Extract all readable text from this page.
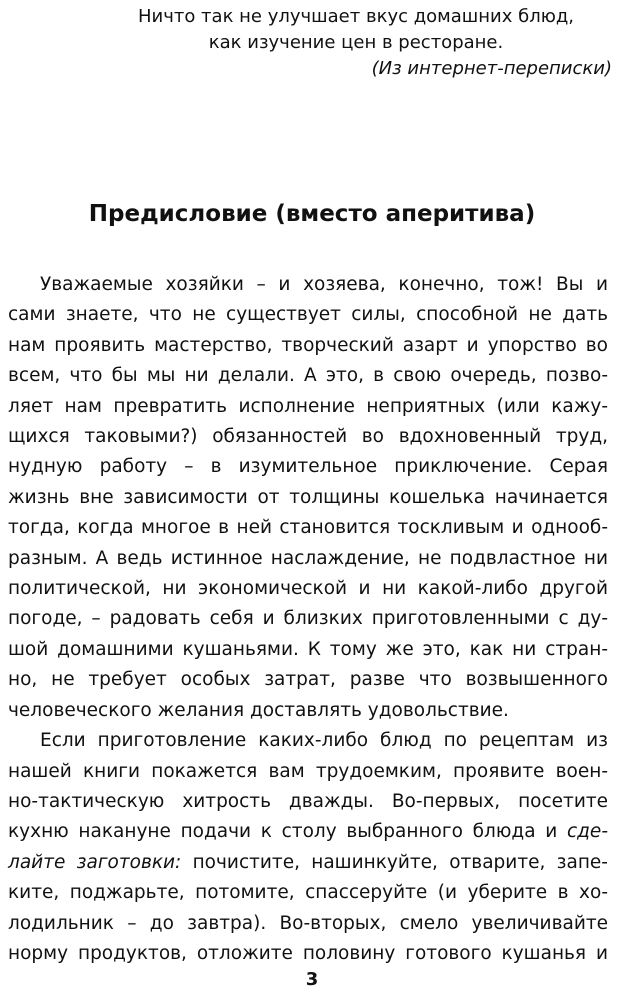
Ничто так не улучшает вкус домашних блюд,
как изучение цен в ресторане.
(Из интернет-переписки)
Предисловие (вместо аперитива)
Уважаемые хозяйки – и хозяева, конечно, тож! Вы и
сами знаете, что не существует силы, способной не дать
нам проявить мастерство, творческий азарт и упорство во
всем, что бы мы ни делали. А это, в свою очередь, позво-
ляет нам превратить исполнение неприятных (или кажу-
щихся таковыми?) обязанностей во вдохновенный труд,
нудную работу – в изумительное приключение. Серая
жизнь вне зависимости от толщины кошелька начинается
тогда, когда многое в ней становится тоскливым и однооб-
разным. А ведь истинное наслаждение, не подвластное ни
политической, ни экономической и ни какой-либо другой
погоде, – радовать себя и близких приготовленными с ду-
шой домашними кушаньями. К тому же это, как ни стран-
но, не требует особых затрат, разве что возвышенного
человеческого желания доставлять удовольствие.
Если приготовление каких-либо блюд по рецептам из
нашей книги покажется вам трудоемким, проявите воен-
но-тактическую хитрость дважды. Во-первых, посетите
кухню накануне подачи к столу выбранного блюда и сде-
лайте заготовки: почистите, нашинкуйте, отварите, запе-
ките, поджарьте, потомите, спассеруйте (и уберите в хо-
лодильник – до завтра). Во-вторых, смело увеличивайте
норму продуктов, отложите половину готового кушанья и
3
